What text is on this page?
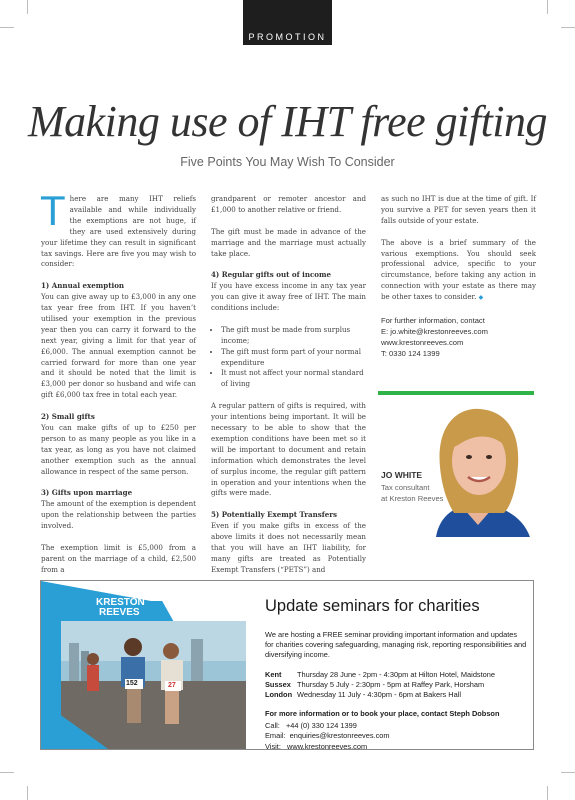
PROMOTION
Making use of IHT free gifting
Five Points You May Wish To Consider

There are many IHT reliefs available and while individually the exemptions are not huge, if they are used extensively during your lifetime they can result in significant tax savings. Here are five you may wish to consider:

1) Annual exemption

You can give away up to £3,000 in any one tax year free from IHT. If you haven’t utilised your exemption in the previous year then you can carry it forward to the next year, giving a limit for that year of £6,000. The annual exemption cannot be carried forward for more than one year and it should be noted that the limit is £3,000 per donor so husband and wife can gift £6,000 tax free in total each year.

2) Small gifts

You can make gifts of up to £250 per person to as many people as you like in a tax year, as long as you have not claimed another exemption such as the annual allowance in respect of the same person.

3) Gifts upon marriage

The amount of the exemption is dependent upon the relationship between the parties involved.

The exemption limit is £5,000 from a parent on the marriage of a child, £2,500 from a

grandparent or remoter ancestor and £1,000 to another relative or friend.

The gift must be made in advance of the marriage and the marriage must actually take place.

4) Regular gifts out of income

If you have excess income in any tax year you can give it away free of IHT. The main conditions include:

• The gift must be made from surplus income;
• The gift must form part of your normal expenditure
• It must not affect your normal standard of living

A regular pattern of gifts is required, with your intentions being important. It will be necessary to be able to show that the exemption conditions have been met so it will be important to document and retain information which demonstrates the level of surplus income, the regular gift pattern in operation and your intentions when the gifts were made.

5) Potentially Exempt Transfers

Even if you make gifts in excess of the above limits it does not necessarily mean that you will have an IHT liability, for many gifts are treated as Potentially Exempt Transfers (“PETS”) and

as such no IHT is due at the time of gift. If you survive a PET for seven years then it falls outside of your estate.

The above is a brief summary of the various exemptions. You should seek professional advice, specific to your circumstance, before taking any action in connection with your estate as there may be other taxes to consider. ◆

For further information, contact
E: jo.white@krestonreeves.com
www.krestonreeves.com
T: 0330 124 1399
JO WHITE
Tax consultant
at Kreston Reeves
KRESTON
REEVES
152	27
Update seminars for charities
We are hosting a FREE seminar providing important information and updates for charities covering safeguarding, managing risk, reporting responsibilities and diversifying income.
Kent	Thursday 28 June - 2pm - 4:30pm at Hilton Hotel, Maidstone
Sussex Thursday 5 July - 2:30pm - 5pm at Raffey Park, Horsham
London Wednesday 11 July - 4:30pm - 6pm at Bakers Hall
For more information or to book your place, contact Steph Dobson
Call:   +44 (0) 330 124 1399
Email:  enquiries@krestonreeves.com
Visit:   www.krestonreeves.com
